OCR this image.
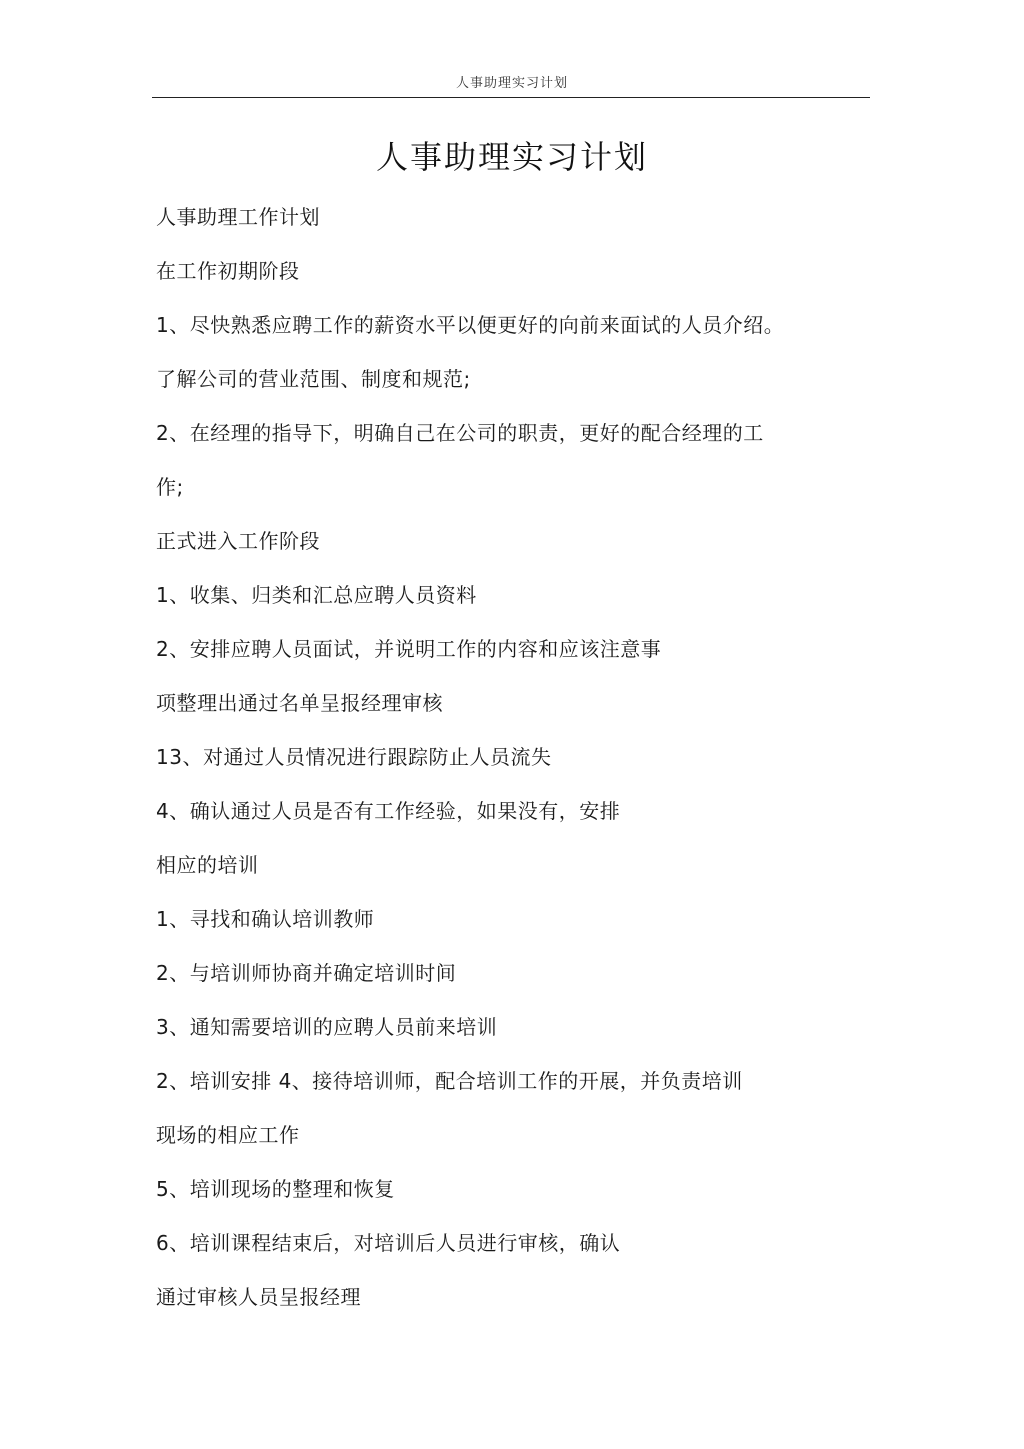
人事助理实习计划
人事助理实习计划
人事助理工作计划
在工作初期阶段
1、尽快熟悉应聘工作的薪资水平以便更好的向前来面试的人员介绍。
了解公司的营业范围、制度和规范;
2、在经理的指导下，明确自己在公司的职责，更好的配合经理的工
作;
正式进入工作阶段
1、收集、归类和汇总应聘人员资料
2、安排应聘人员面试，并说明工作的内容和应该注意事
项整理出通过名单呈报经理审核
13、对通过人员情况进行跟踪防止人员流失
4、确认通过人员是否有工作经验，如果没有，安排
相应的培训
1、寻找和确认培训教师
2、与培训师协商并确定培训时间
3、通知需要培训的应聘人员前来培训
2、培训安排 4、接待培训师，配合培训工作的开展，并负责培训
现场的相应工作
5、培训现场的整理和恢复
6、培训课程结束后，对培训后人员进行审核，确认
通过审核人员呈报经理
